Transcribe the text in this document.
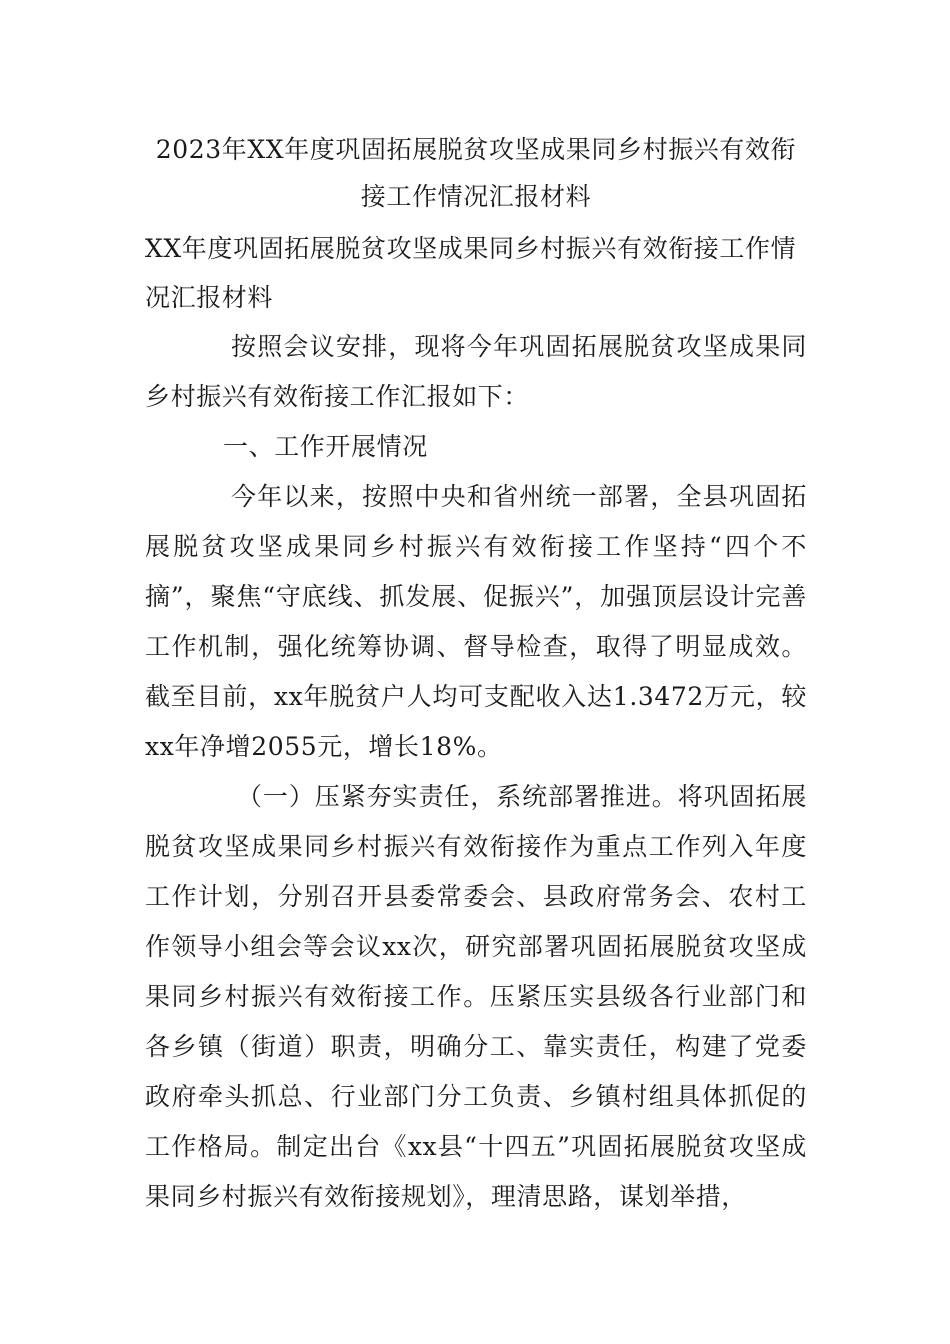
2023年XX年度巩固拓展脱贫攻坚成果同乡村振兴有效衔接工作情况汇报材料

XX年度巩固拓展脱贫攻坚成果同乡村振兴有效衔接工作情况汇报材料

按照会议安排，现将今年巩固拓展脱贫攻坚成果同乡村振兴有效衔接工作汇报如下：

一、工作开展情况

今年以来，按照中央和省州统一部署，全县巩固拓展脱贫攻坚成果同乡村振兴有效衔接工作坚持“四个不摘”，聚焦“守底线、抓发展、促振兴”，加强顶层设计完善工作机制，强化统筹协调、督导检查，取得了明显成效。截至目前，xx年脱贫户人均可支配收入达1.3472万元，较xx年净增2055元，增长18%。

（一）压紧夯实责任，系统部署推进。将巩固拓展脱贫攻坚成果同乡村振兴有效衔接作为重点工作列入年度工作计划，分别召开县委常委会、县政府常务会、农村工作领导小组会等会议xx次，研究部署巩固拓展脱贫攻坚成果同乡村振兴有效衔接工作。压紧压实县级各行业部门和各乡镇（街道）职责，明确分工、靠实责任，构建了党委政府牵头抓总、行业部门分工负责、乡镇村组具体抓促的工作格局。制定出台《xx县“十四五”巩固拓展脱贫攻坚成果同乡村振兴有效衔接规划》，理清思路，谋划举措，
